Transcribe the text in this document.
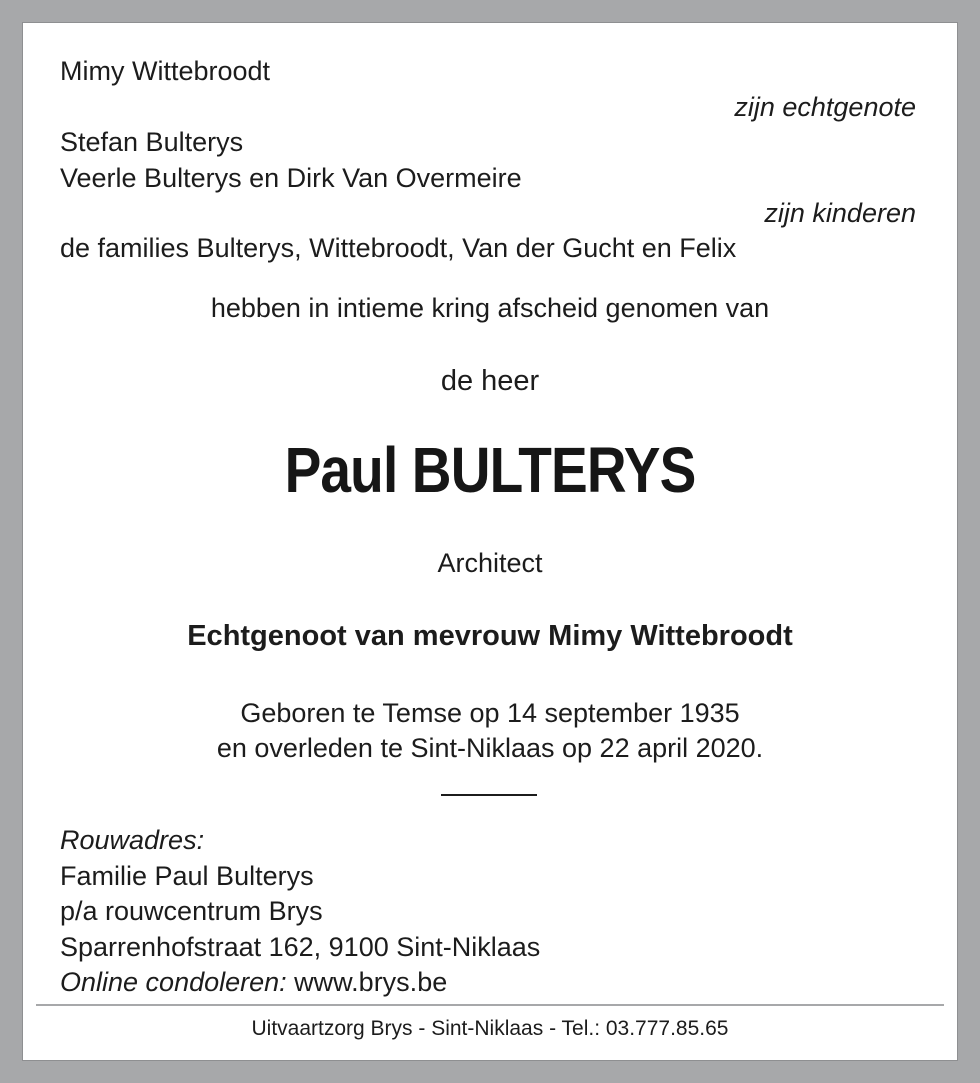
Mimy Wittebroodt
zijn echtgenote
Stefan Bulterys
Veerle Bulterys en Dirk Van Overmeire
zijn kinderen
de families Bulterys, Wittebroodt, Van der Gucht en Felix
hebben in intieme kring afscheid genomen van
de heer
Paul BULTERYS
Architect
Echtgenoot van mevrouw Mimy Wittebroodt
Geboren te Temse op 14 september 1935
en overleden te Sint-Niklaas op 22 april 2020.
Rouwadres:
Familie Paul Bulterys
p/a rouwcentrum Brys
Sparrenhofstraat 162, 9100 Sint-Niklaas
Online condoleren: www.brys.be
Uitvaartzorg Brys - Sint-Niklaas - Tel.: 03.777.85.65
